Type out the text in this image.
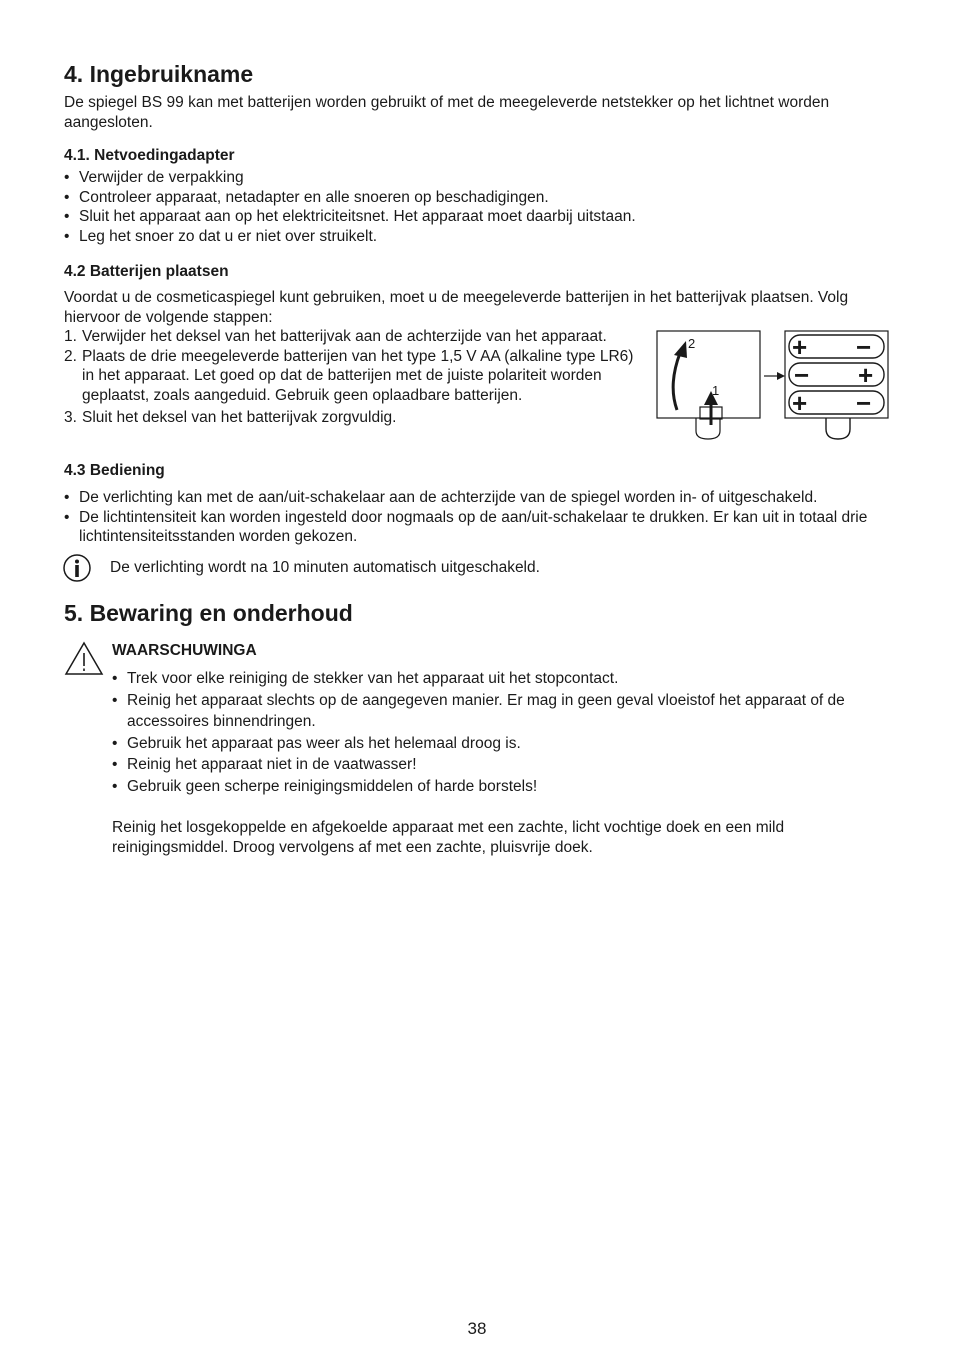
4. Ingebruikname

De spiegel BS 99 kan met batterijen worden gebruikt of met de meegeleverde netstekker op het lichtnet worden aangesloten.

4.1. Netvoedingadapter
• Verwijder de verpakking
• Controleer apparaat, netadapter en alle snoeren op beschadigingen.
• Sluit het apparaat aan op het elektriciteitsnet. Het apparaat moet daarbij uitstaan.
• Leg het snoer zo dat u er niet over struikelt.
4.2 Batterijen plaatsen

Voordat u de cosmeticaspiegel kunt gebruiken, moet u de meegeleverde batterijen in het batterijvak plaatsen. Volg hiervoor de volgende stappen:

1. Verwijder het deksel van het batterijvak aan de achterzijde van het apparaat.
2. Plaats de drie meegeleverde batterijen van het type 1,5 V AA (alkaline type LR6) in het apparaat. Let goed op dat de batterijen met de juiste polariteit worden geplaatst, zoals aangeduid. Gebruik geen oplaadbare batterijen.
3. Sluit het deksel van het batterijvak zorgvuldig.
2
1
+ −
− +
+ −
4.3 Bediening
• De verlichting kan met de aan/uit-schakelaar aan de achterzijde van de spiegel worden in- of uitgeschakeld.
• De lichtintensiteit kan worden ingesteld door nogmaals op de aan/uit-schakelaar te drukken. Er kan uit in totaal drie lichtintensiteitsstanden worden gekozen.

De verlichting wordt na 10 minuten automatisch uitgeschakeld.

5. Bewaring en onderhoud
WAARSCHUWINGA
• Trek voor elke reiniging de stekker van het apparaat uit het stopcontact.
• Reinig het apparaat slechts op de aangegeven manier. Er mag in geen geval vloeistof het apparaat of de accessoires binnendringen.
• Gebruik het apparaat pas weer als het helemaal droog is.
• Reinig het apparaat niet in de vaatwasser!
• Gebruik geen scherpe reinigingsmiddelen of harde borstels!

Reinig het losgekoppelde en afgekoelde apparaat met een zachte, licht vochtige doek en een mild reinigingsmiddel. Droog vervolgens af met een zachte, pluisvrije doek.

38
